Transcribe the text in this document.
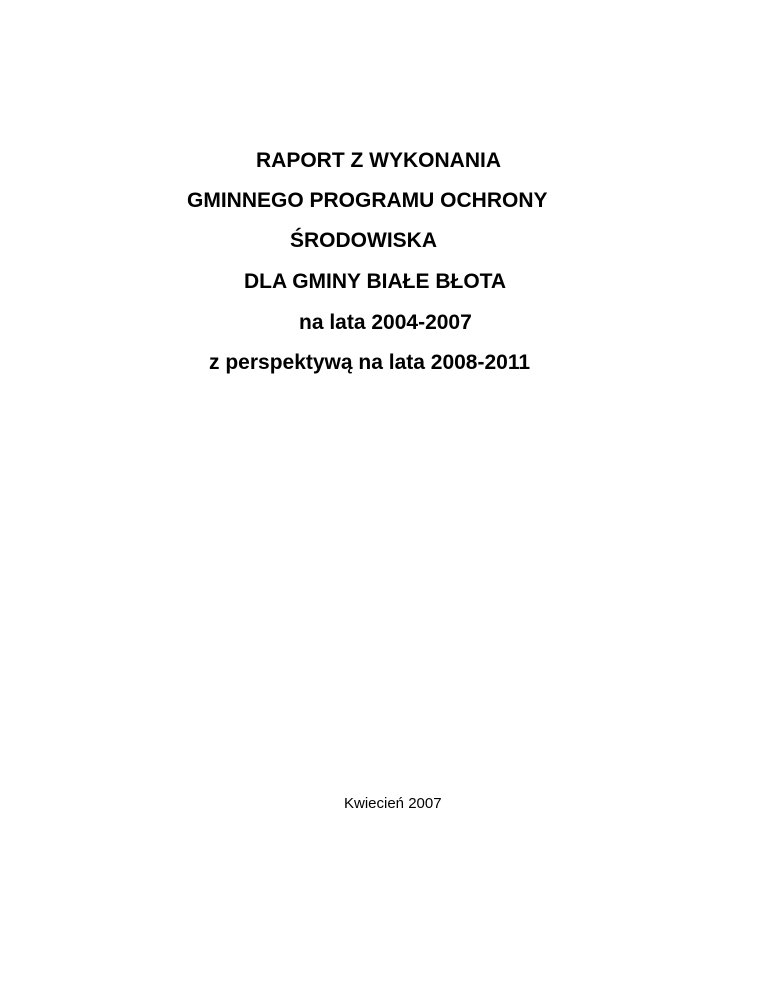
RAPORT Z WYKONANIA
GMINNEGO PROGRAMU OCHRONY
ŚRODOWISKA
DLA GMINY BIAŁE BŁOTA
na lata 2004-2007
z perspektywą na lata 2008-2011
Kwiecień 2007
